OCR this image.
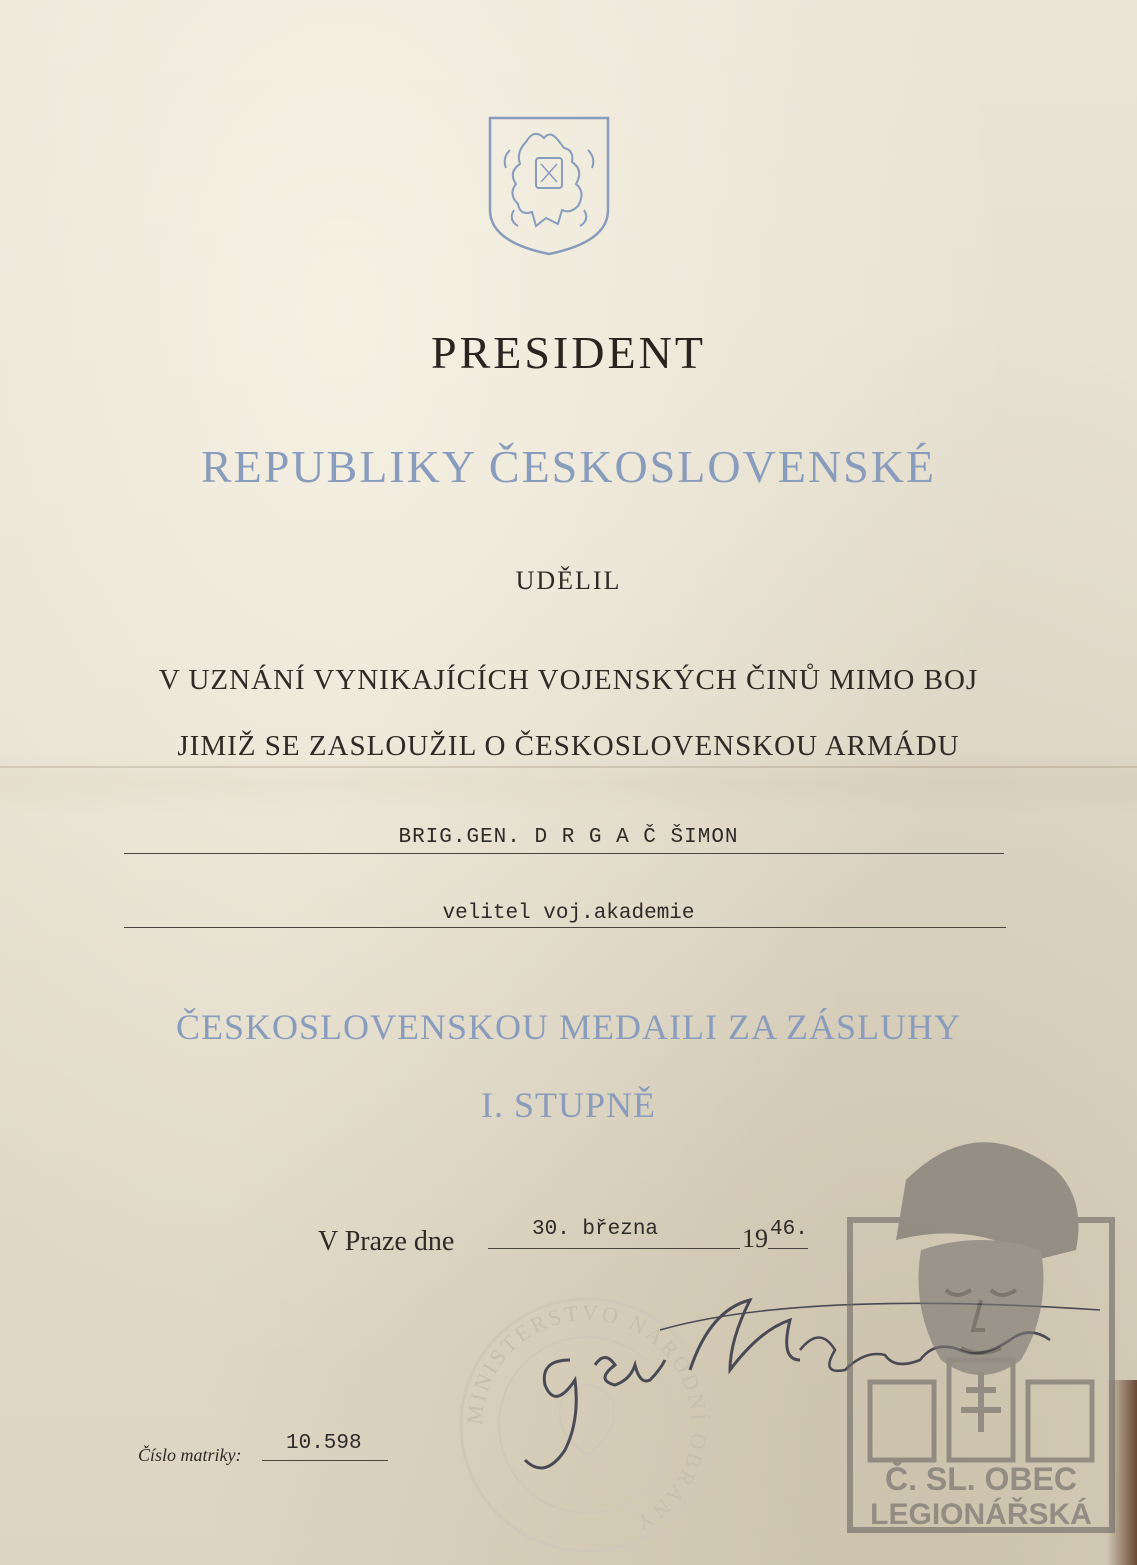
PRESIDENT
REPUBLIKY ČESKOSLOVENSKÉ
UDĚLIL
V UZNÁNÍ VYNIKAJÍCÍCH VOJENSKÝCH ČINŮ MIMO BOJ
JIMIŽ SE ZASLOUŽIL O ČESKOSLOVENSKOU ARMÁDU
BRIG.GEN. D R G A Č ŠIMON
velitel voj.akademie
ČESKOSLOVENSKOU MEDAILI ZA ZÁSLUHY
I. STUPNĚ
V Praze dne	30. března	19 46.
MINISTERSTVO NÁRODNÍ OBRANY
Číslo matriky: 10.598
Č. SL. OBEC
LEGIONÁŘSKÁ
